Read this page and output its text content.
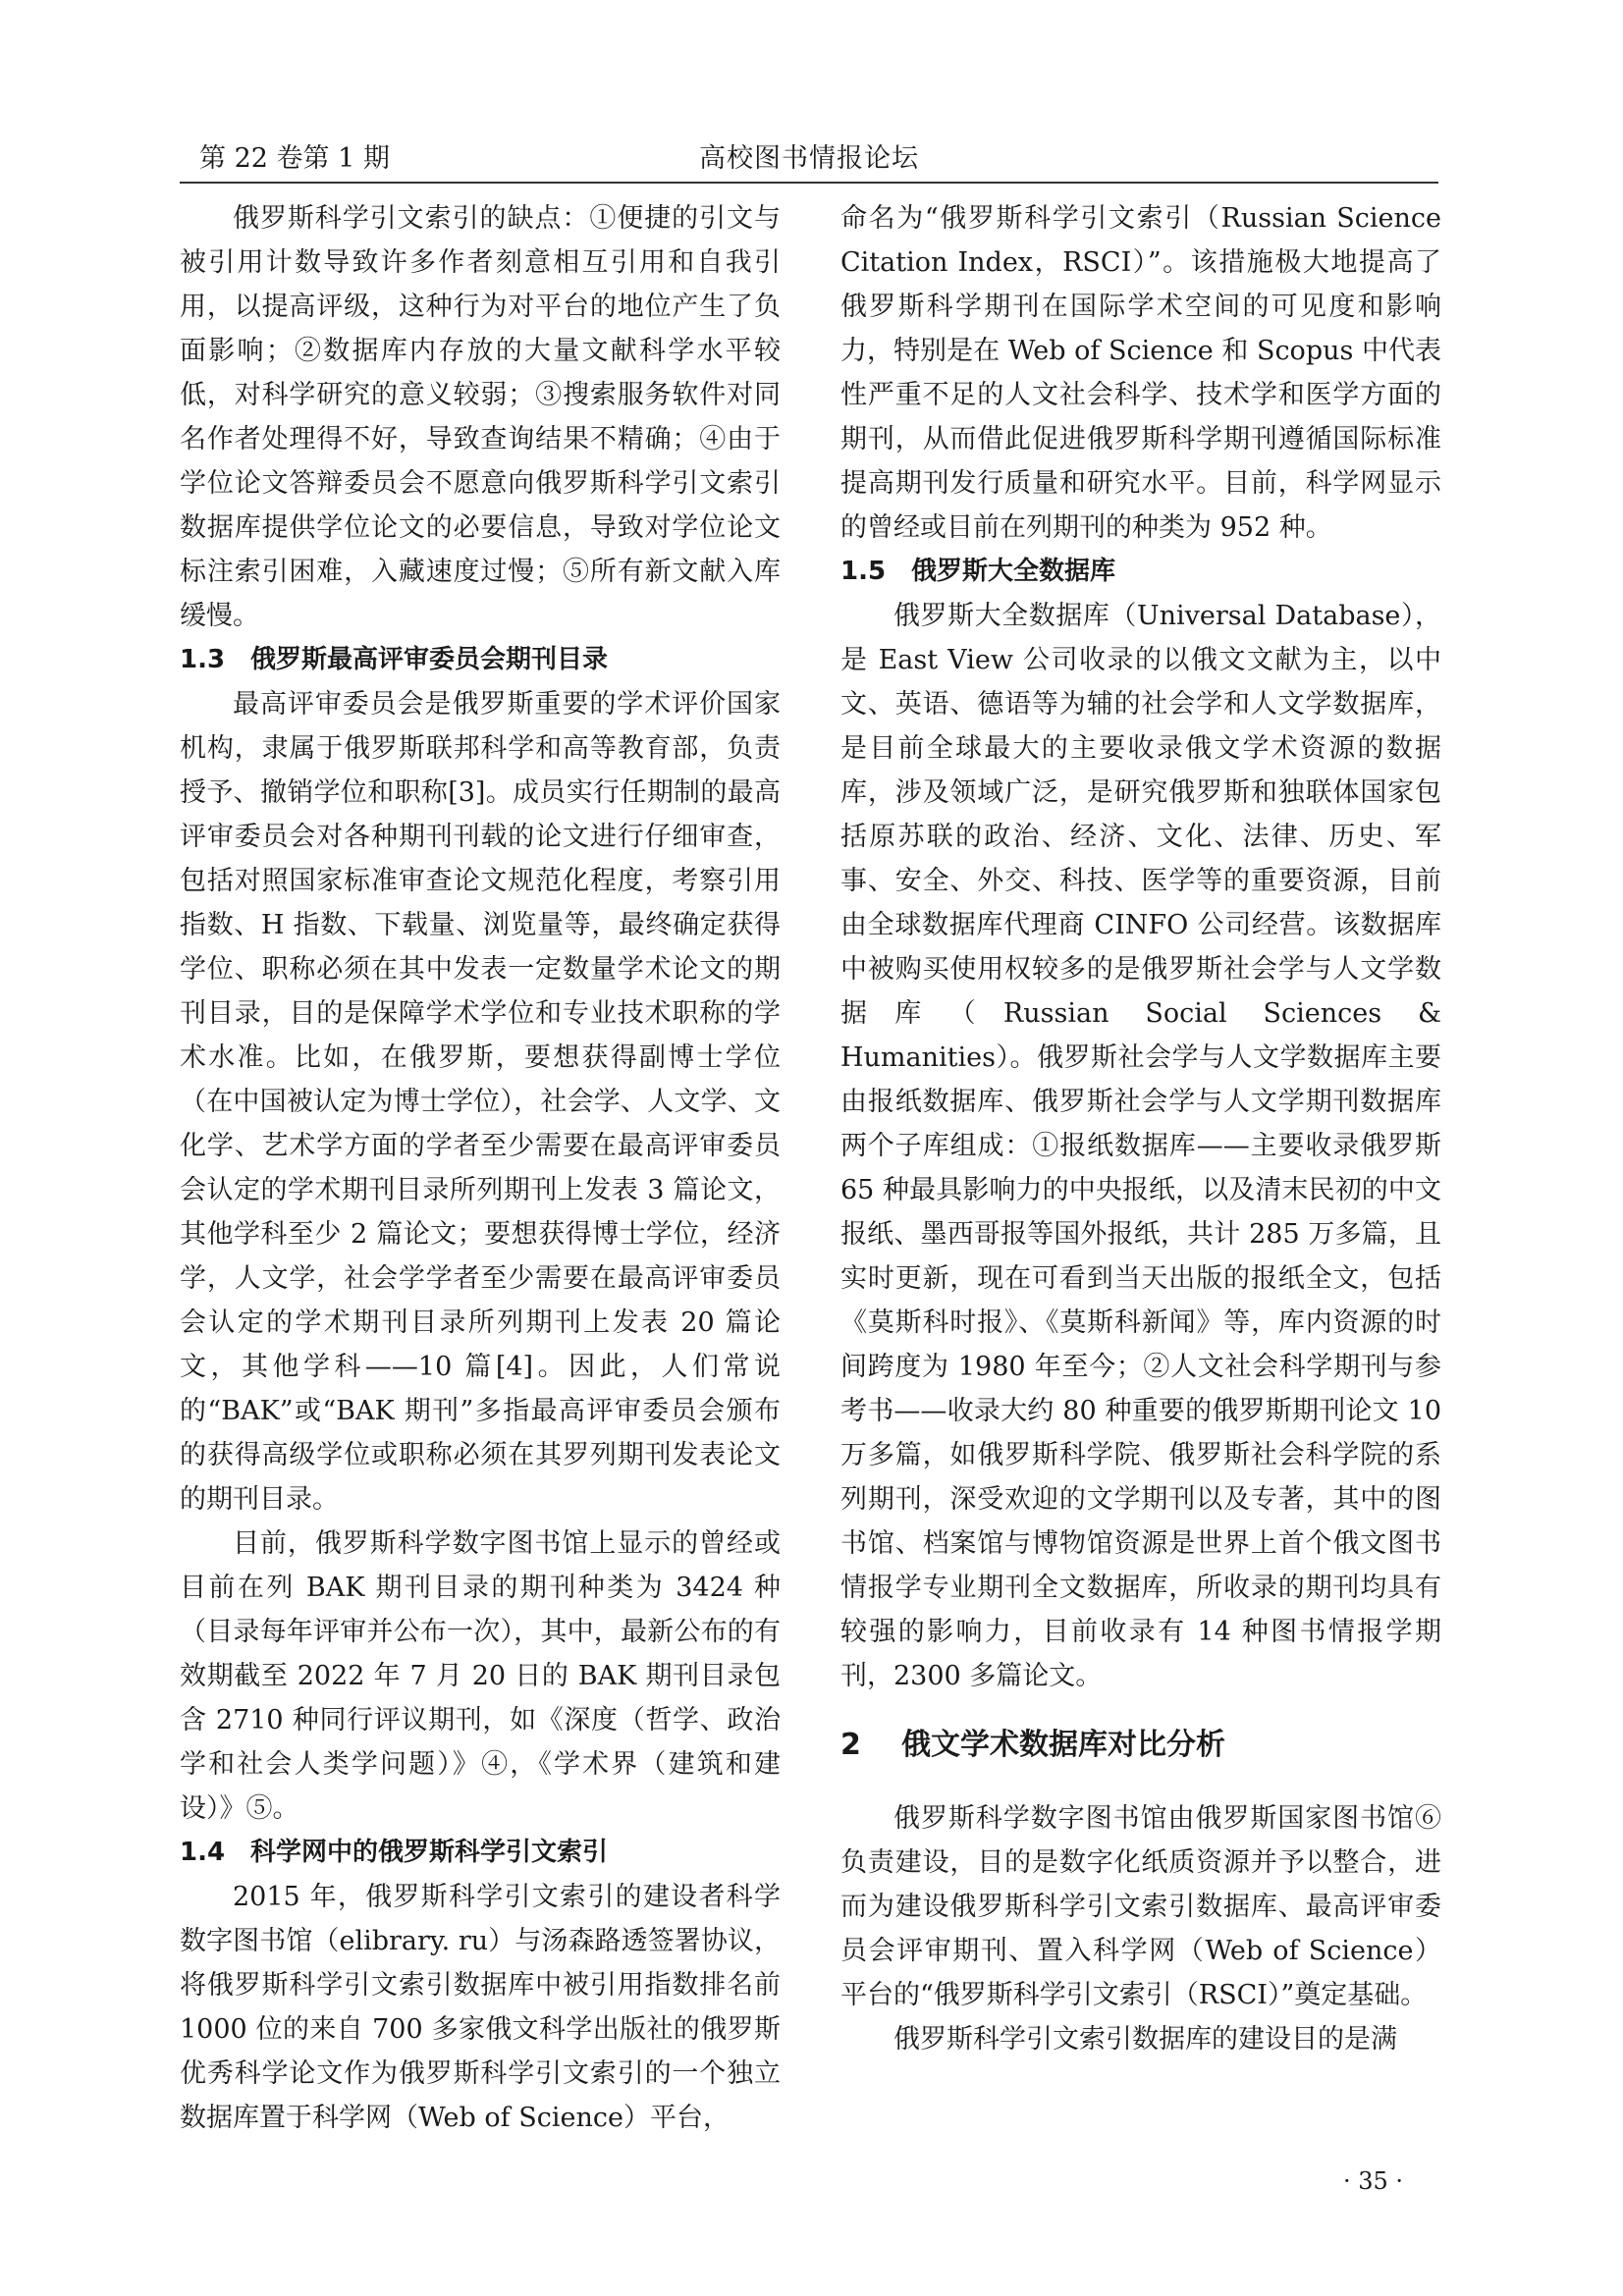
第 22 卷第 1 期	高校图书情报论坛

俄罗斯科学引文索引的缺点：①便捷的引文与被引用计数导致许多作者刻意相互引用和自我引用，以提高评级，这种行为对平台的地位产生了负面影响；②数据库内存放的大量文献科学水平较低，对科学研究的意义较弱；③搜索服务软件对同名作者处理得不好，导致查询结果不精确；④由于学位论文答辩委员会不愿意向俄罗斯科学引文索引数据库提供学位论文的必要信息，导致对学位论文标注索引困难，入藏速度过慢；⑤所有新文献入库缓慢。

1.3 俄罗斯最高评审委员会期刊目录

最高评审委员会是俄罗斯重要的学术评价国家机构，隶属于俄罗斯联邦科学和高等教育部，负责授予、撤销学位和职称[3]。成员实行任期制的最高评审委员会对各种期刊刊载的论文进行仔细审查，包括对照国家标准审查论文规范化程度，考察引用指数、H 指数、下载量、浏览量等，最终确定获得学位、职称必须在其中发表一定数量学术论文的期刊目录，目的是保障学术学位和专业技术职称的学术水准。比如，在俄罗斯，要想获得副博士学位（在中国被认定为博士学位），社会学、人文学、文化学、艺术学方面的学者至少需要在最高评审委员会认定的学术期刊目录所列期刊上发表 3 篇论文，其他学科至少 2 篇论文；要想获得博士学位，经济学，人文学，社会学学者至少需要在最高评审委员会认定的学术期刊目录所列期刊上发表 20 篇论文，其他学科——10 篇[4]。因此，人们常说的“BAK”或“BAK 期刊”多指最高评审委员会颁布的获得高级学位或职称必须在其罗列期刊发表论文的期刊目录。

目前，俄罗斯科学数字图书馆上显示的曾经或目前在列 BAK 期刊目录的期刊种类为 3424 种（目录每年评审并公布一次），其中，最新公布的有效期截至 2022 年 7 月 20 日的 BAK 期刊目录包含 2710 种同行评议期刊，如《深度（哲学、政治学和社会人类学问题）》④，《学术界（建筑和建设）》⑤。

1.4 科学网中的俄罗斯科学引文索引

2015 年，俄罗斯科学引文索引的建设者科学数字图书馆（elibrary. ru）与汤森路透签署协议，将俄罗斯科学引文索引数据库中被引用指数排名前 1000 位的来自 700 多家俄文科学出版社的俄罗斯优秀科学论文作为俄罗斯科学引文索引的一个独立数据库置于科学网（Web of Science）平台，

命名为“俄罗斯科学引文索引（Russian Science Citation Index，RSCI）”。该措施极大地提高了俄罗斯科学期刊在国际学术空间的可见度和影响力，特别是在 Web of Science 和 Scopus 中代表性严重不足的人文社会科学、技术学和医学方面的期刊，从而借此促进俄罗斯科学期刊遵循国际标准提高期刊发行质量和研究水平。目前，科学网显示的曾经或目前在列期刊的种类为 952 种。

1.5 俄罗斯大全数据库

俄罗斯大全数据库（Universal Database），是 East View 公司收录的以俄文文献为主，以中文、英语、德语等为辅的社会学和人文学数据库，是目前全球最大的主要收录俄文学术资源的数据库，涉及领域广泛，是研究俄罗斯和独联体国家包括原苏联的政治、经济、文化、法律、历史、军事、安全、外交、科技、医学等的重要资源，目前由全球数据库代理商 CINFO 公司经营。该数据库中被购买使用权较多的是俄罗斯社会学与人文学数据库（Russian Social Sciences & Humanities）。俄罗斯社会学与人文学数据库主要由报纸数据库、俄罗斯社会学与人文学期刊数据库两个子库组成：①报纸数据库——主要收录俄罗斯 65 种最具影响力的中央报纸，以及清末民初的中文报纸、墨西哥报等国外报纸，共计 285 万多篇，且实时更新，现在可看到当天出版的报纸全文，包括《莫斯科时报》、《莫斯科新闻》等，库内资源的时间跨度为 1980 年至今；②人文社会科学期刊与参考书——收录大约 80 种重要的俄罗斯期刊论文 10 万多篇，如俄罗斯科学院、俄罗斯社会科学院的系列期刊，深受欢迎的文学期刊以及专著，其中的图书馆、档案馆与博物馆资源是世界上首个俄文图书情报学专业期刊全文数据库，所收录的期刊均具有较强的影响力，目前收录有 14 种图书情报学期刊，2300 多篇论文。

2 俄文学术数据库对比分析

俄罗斯科学数字图书馆由俄罗斯国家图书馆⑥负责建设，目的是数字化纸质资源并予以整合，进而为建设俄罗斯科学引文索引数据库、最高评审委员会评审期刊、置入科学网（Web of Science）平台的“俄罗斯科学引文索引（RSCI）”奠定基础。

俄罗斯科学引文索引数据库的建设目的是满

· 35 ·
